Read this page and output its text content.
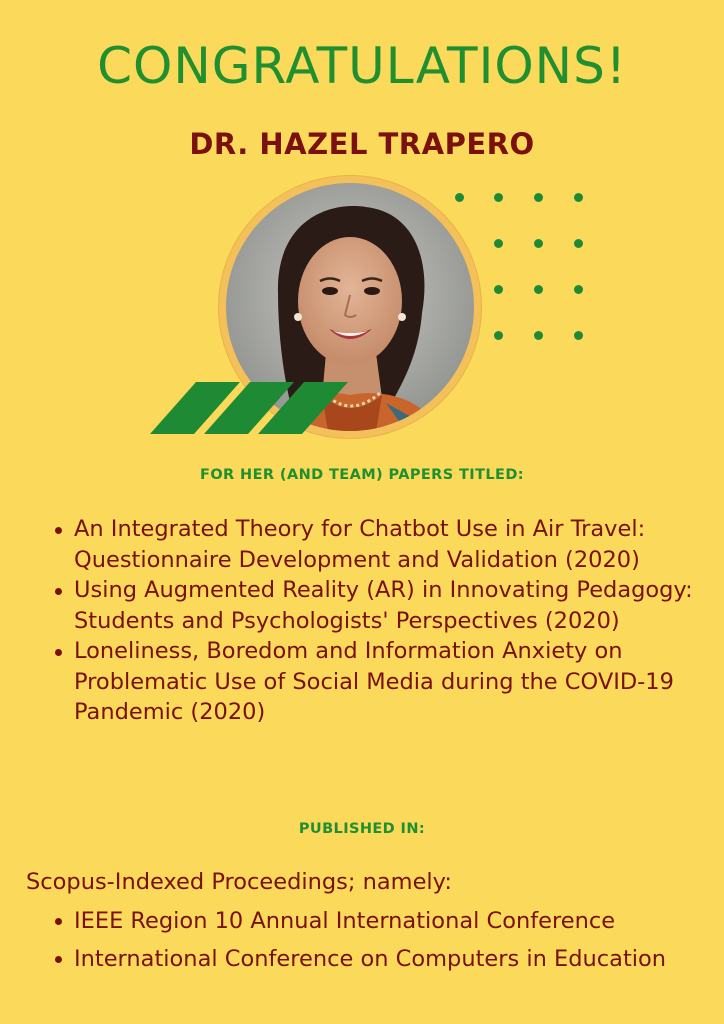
CONGRATULATIONS!
DR. HAZEL TRAPERO

FOR HER (AND TEAM) PAPERS TITLED:

An Integrated Theory for Chatbot Use in Air Travel: Questionnaire Development and Validation (2020)
Using Augmented Reality (AR) in Innovating Pedagogy: Students and Psychologists' Perspectives (2020)
Loneliness, Boredom and Information Anxiety on Problematic Use of Social Media during the COVID-19 Pandemic (2020)

PUBLISHED IN:

Scopus-Indexed Proceedings; namely:

IEEE Region 10 Annual International Conference
International Conference on Computers in Education
